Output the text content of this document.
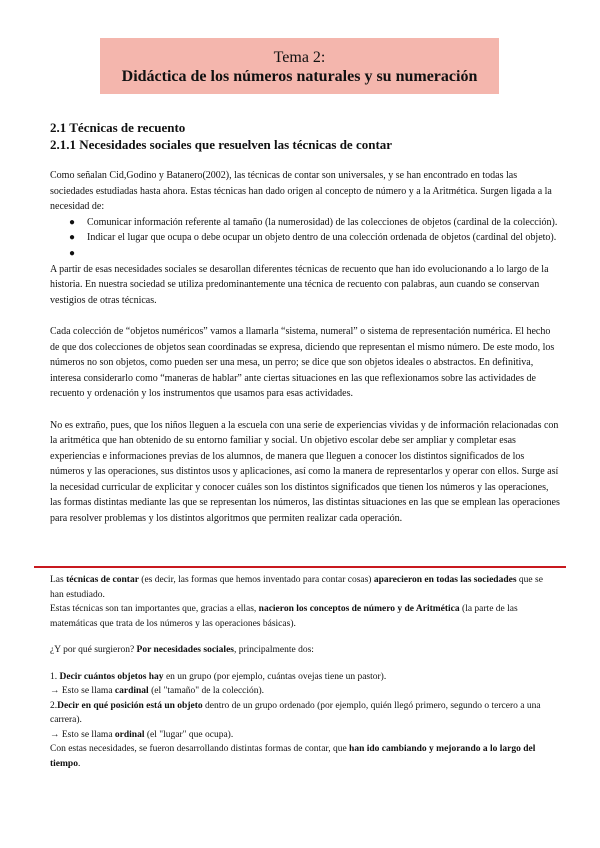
Tema 2:
Didáctica de los números naturales y su numeración
2.1 Técnicas de recuento
2.1.1 Necesidades sociales que resuelven las técnicas de contar
Como señalan Cid,Godino y Batanero(2002), las técnicas de contar son universales, y se han encontrado en todas las sociedades estudiadas hasta ahora. Estas técnicas han dado origen al concepto de número y a la Aritmética. Surgen ligada a la necesidad de:
● Comunicar información referente al tamaño (la numerosidad) de las colecciones de objetos (cardinal de la colección).
● Indicar el lugar que ocupa o debe ocupar un objeto dentro de una colección ordenada de objetos (cardinal del objeto).
●
A partir de esas necesidades sociales se desarollan diferentes técnicas de recuento que han ido evolucionando a lo largo de la historia. En nuestra sociedad se utiliza predominantemente una técnica de recuento con palabras, aun cuando se conservan vestigios de otras técnicas.
Cada colección de “objetos numéricos” vamos a llamarla “sistema, numeral” o sistema de representación numérica. El hecho de que dos colecciones de objetos sean coordinadas se expresa, diciendo que representan el mismo número. De este modo, los números no son objetos, como pueden ser una mesa, un perro; se dice que son objetos ideales o abstractos. En definitiva, interesa considerarlo como “maneras de hablar” ante ciertas situaciones en las que reflexionamos sobre las actividades de recuento y ordenación y los instrumentos que usamos para esas actividades.
No es extraño, pues, que los niños lleguen a la escuela con una serie de experiencias vividas y de información relacionadas con la aritmética que han obtenido de su entorno familiar y social. Un objetivo escolar debe ser ampliar y completar esas experiencias e informaciones previas de los alumnos, de manera que lleguen a conocer los distintos significados de los números y las operaciones, sus distintos usos y aplicaciones, así como la manera de representarlos y operar con ellos. Surge así la necesidad curricular de explicitar y conocer cuáles son los distintos significados que tienen los números y las operaciones, las formas distintas mediante las que se representan los números, las distintas situaciones en las que se emplean las operaciones para resolver problemas y los distintos algoritmos que permiten realizar cada operación.
Las técnicas de contar (es decir, las formas que hemos inventado para contar cosas) aparecieron en todas las sociedades que se han estudiado.
Estas técnicas son tan importantes que, gracias a ellas, nacieron los conceptos de número y de Aritmética (la parte de las matemáticas que trata de los números y las operaciones básicas).
¿Y por qué surgieron? Por necesidades sociales, principalmente dos:
1. Decir cuántos objetos hay en un grupo (por ejemplo, cuántas ovejas tiene un pastor).
→ Esto se llama cardinal (el "tamaño" de la colección).
2.Decir en qué posición está un objeto dentro de un grupo ordenado (por ejemplo, quién llegó primero, segundo o tercero a una carrera).
→ Esto se llama ordinal (el "lugar" que ocupa).
Con estas necesidades, se fueron desarrollando distintas formas de contar, que han ido cambiando y mejorando a lo largo del tiempo.
